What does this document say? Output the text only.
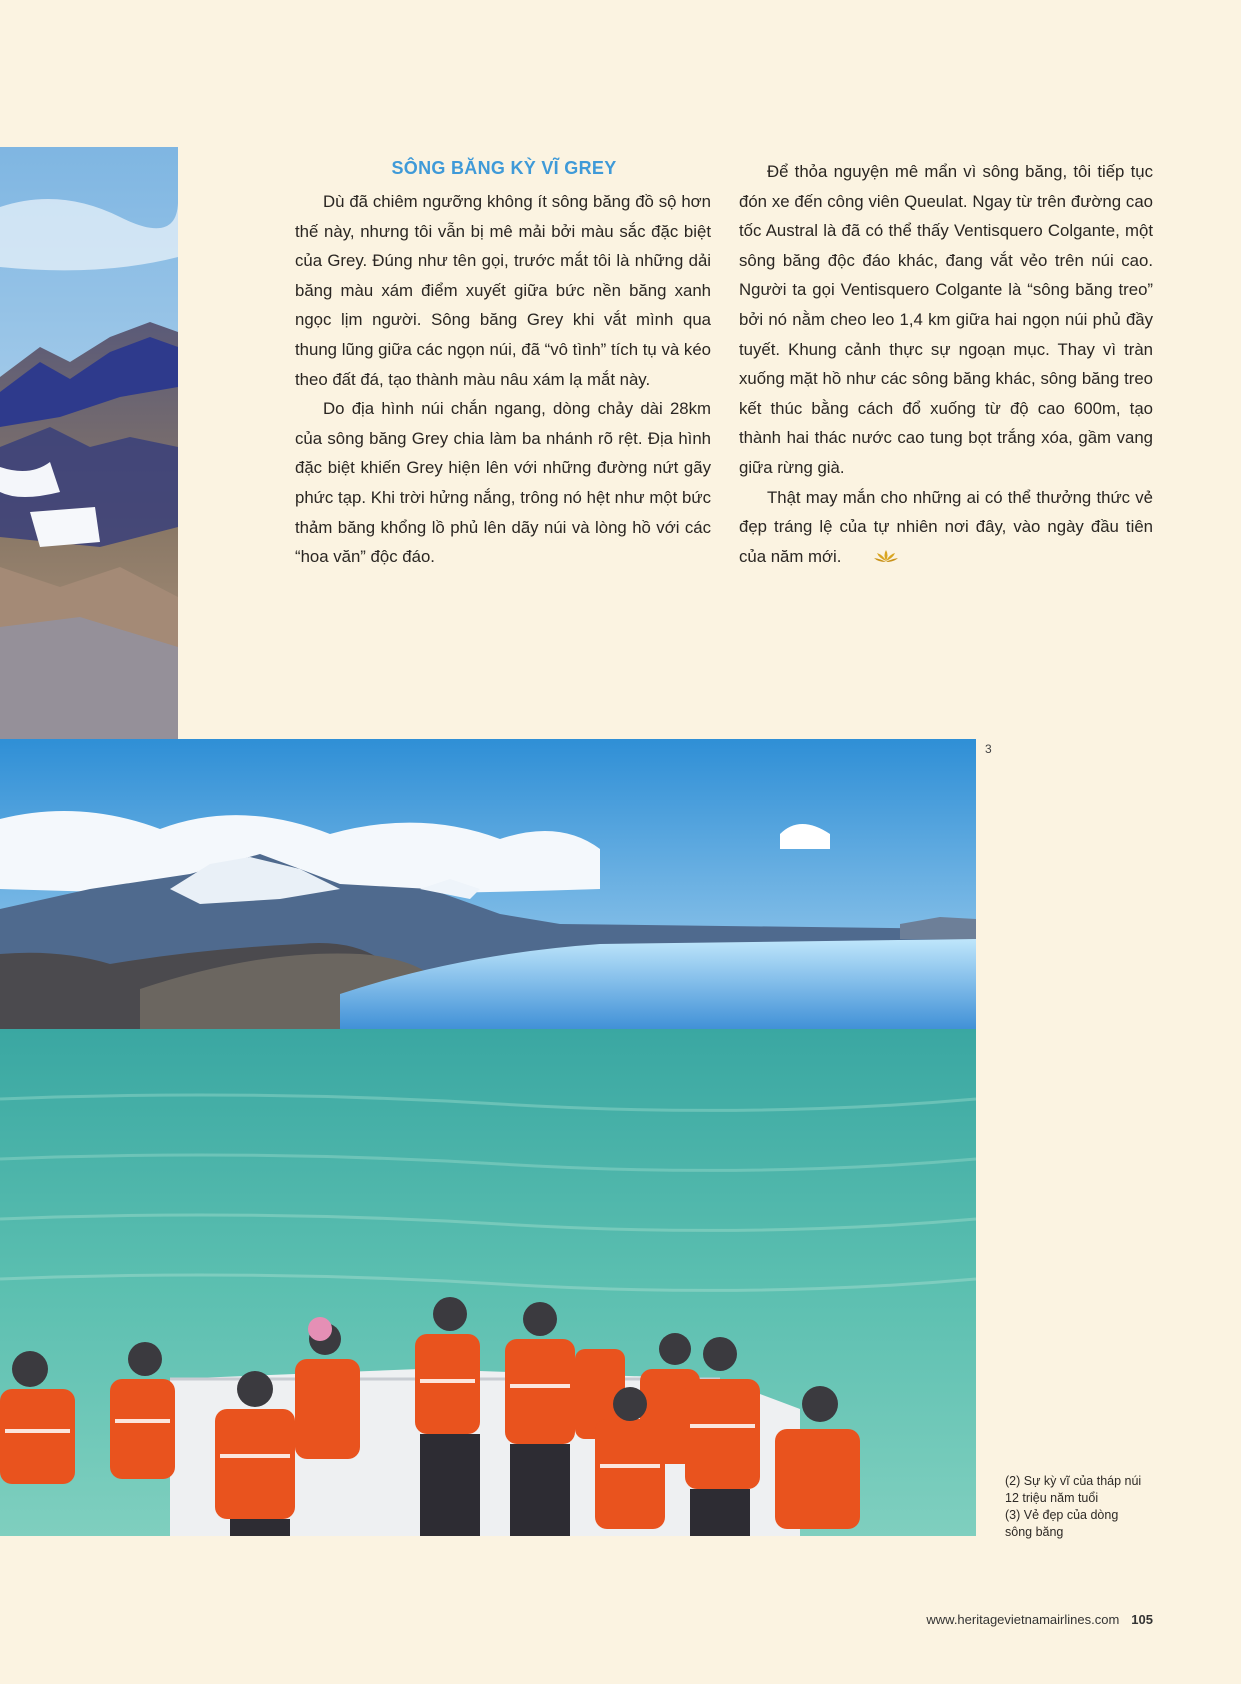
SÔNG BĂNG KỲ VĨ GREY

Dù đã chiêm ngưỡng không ít sông băng đồ sộ hơn thế này, nhưng tôi vẫn bị mê mải bởi màu sắc đặc biệt của Grey. Đúng như tên gọi, trước mắt tôi là những dải băng màu xám điểm xuyết giữa bức nền băng xanh ngọc lịm người. Sông băng Grey khi vắt mình qua thung lũng giữa các ngọn núi, đã “vô tình” tích tụ và kéo theo đất đá, tạo thành màu nâu xám lạ mắt này.

Do địa hình núi chắn ngang, dòng chảy dài 28km của sông băng Grey chia làm ba nhánh rõ rệt. Địa hình đặc biệt khiến Grey hiện lên với những đường nứt gãy phức tạp. Khi trời hửng nắng, trông nó hệt như một bức thảm băng khổng lồ phủ lên dãy núi và lòng hồ với các “hoa văn” độc đáo.

Để thỏa nguyện mê mẩn vì sông băng, tôi tiếp tục đón xe đến công viên Queulat. Ngay từ trên đường cao tốc Austral là đã có thể thấy Ventisquero Colgante, một sông băng độc đáo khác, đang vắt vẻo trên núi cao. Người ta gọi Ventisquero Colgante là “sông băng treo” bởi nó nằm cheo leo 1,4 km giữa hai ngọn núi phủ đầy tuyết. Khung cảnh thực sự ngoạn mục. Thay vì tràn xuống mặt hồ như các sông băng khác, sông băng treo kết thúc bằng cách đổ xuống từ độ cao 600m, tạo thành hai thác nước cao tung bọt trắng xóa, gầm vang giữa rừng già.

Thật may mắn cho những ai có thể thưởng thức vẻ đẹp tráng lệ của tự nhiên nơi đây, vào ngày đầu tiên của năm mới.

3
(2) Sự kỳ vĩ của tháp núi
12 triệu năm tuổi
(3) Vẻ đẹp của dòng
sông băng
www.heritagevietnamairlines.com 105
